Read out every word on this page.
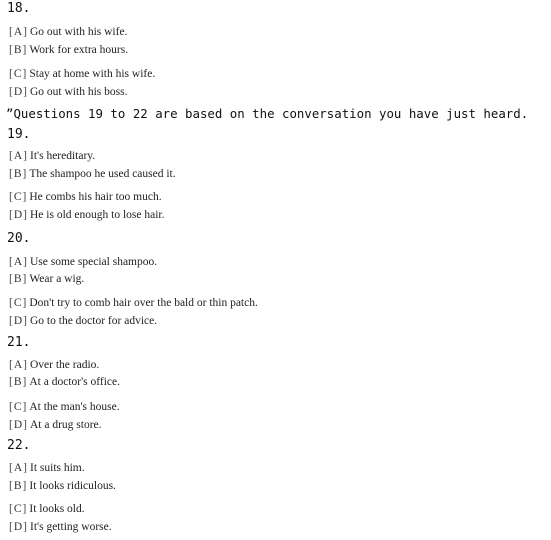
18.
[A] Go out with his wife.
[B] Work for extra hours.
[C] Stay at home with his wife.
[D] Go out with his boss.
”Questions 19 to 22 are based on the conversation you have just heard.
19.
[A] It's hereditary.
[B] The shampoo he used caused it.
[C] He combs his hair too much.
[D] He is old enough to lose hair.
20.
[A] Use some special shampoo.
[B] Wear a wig.
[C] Don't try to comb hair over the bald or thin patch.
[D] Go to the doctor for advice.
21.
[A] Over the radio.
[B] At a doctor's office.
[C] At the man's house.
[D] At a drug store.
22.
[A] It suits him.
[B] It looks ridiculous.
[C] It looks old.
[D] It's getting worse.
